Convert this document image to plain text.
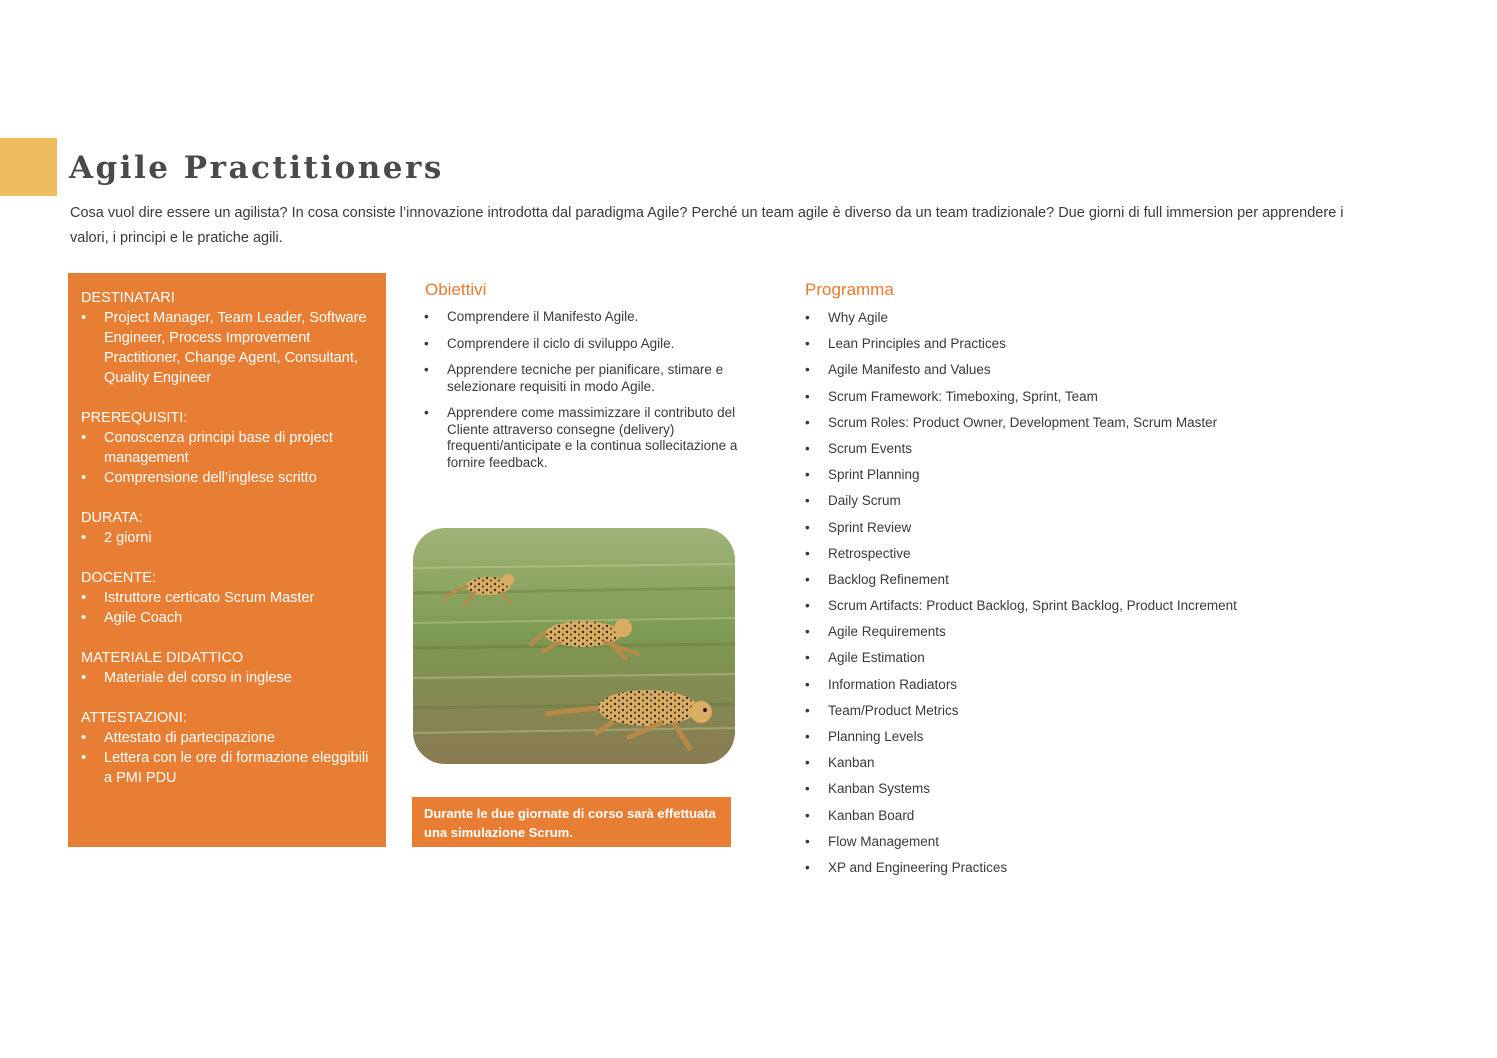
Agile Practitioners

Cosa vuol dire essere un agilista? In cosa consiste l’innovazione introdotta dal paradigma Agile? Perché un team agile è diverso da un team tradizionale? Due giorni di full immersion per apprendere i valori, i principi e le pratiche agili.

DESTINATARI
• Project Manager, Team Leader, Software Engineer, Process Improvement Practitioner, Change Agent, Consultant, Quality Engineer
PREREQUISITI:
• Conoscenza principi base di project management
• Comprensione dell’inglese scritto
DURATA:
• 2 giorni
DOCENTE:
• Istruttore certicato Scrum Master
• Agile Coach
MATERIALE DIDATTICO
• Materiale del corso in inglese
ATTESTAZIONI:
• Attestato di partecipazione
• Lettera con le ore di formazione eleggibili a PMI PDU
Obiettivi
• Comprendere il Manifesto Agile.
• Comprendere il ciclo di sviluppo Agile.
• Apprendere tecniche per pianificare, stimare e selezionare requisiti in modo Agile.
• Apprendere come massimizzare il contributo del Cliente attraverso consegne (delivery) frequenti/anticipate e la continua sollecitazione a fornire feedback.
Durante le due giornate di corso sarà effettuata una simulazione Scrum.
Programma
• Why Agile
• Lean Principles and Practices
• Agile Manifesto and Values
• Scrum Framework: Timeboxing, Sprint, Team
• Scrum Roles: Product Owner, Development Team, Scrum Master
• Scrum Events
• Sprint Planning
• Daily Scrum
• Sprint Review
• Retrospective
• Backlog Refinement
• Scrum Artifacts: Product Backlog, Sprint Backlog, Product Increment
• Agile Requirements
• Agile Estimation
• Information Radiators
• Team/Product Metrics
• Planning Levels
• Kanban
• Kanban Systems
• Kanban Board
• Flow Management
• XP and Engineering Practices
